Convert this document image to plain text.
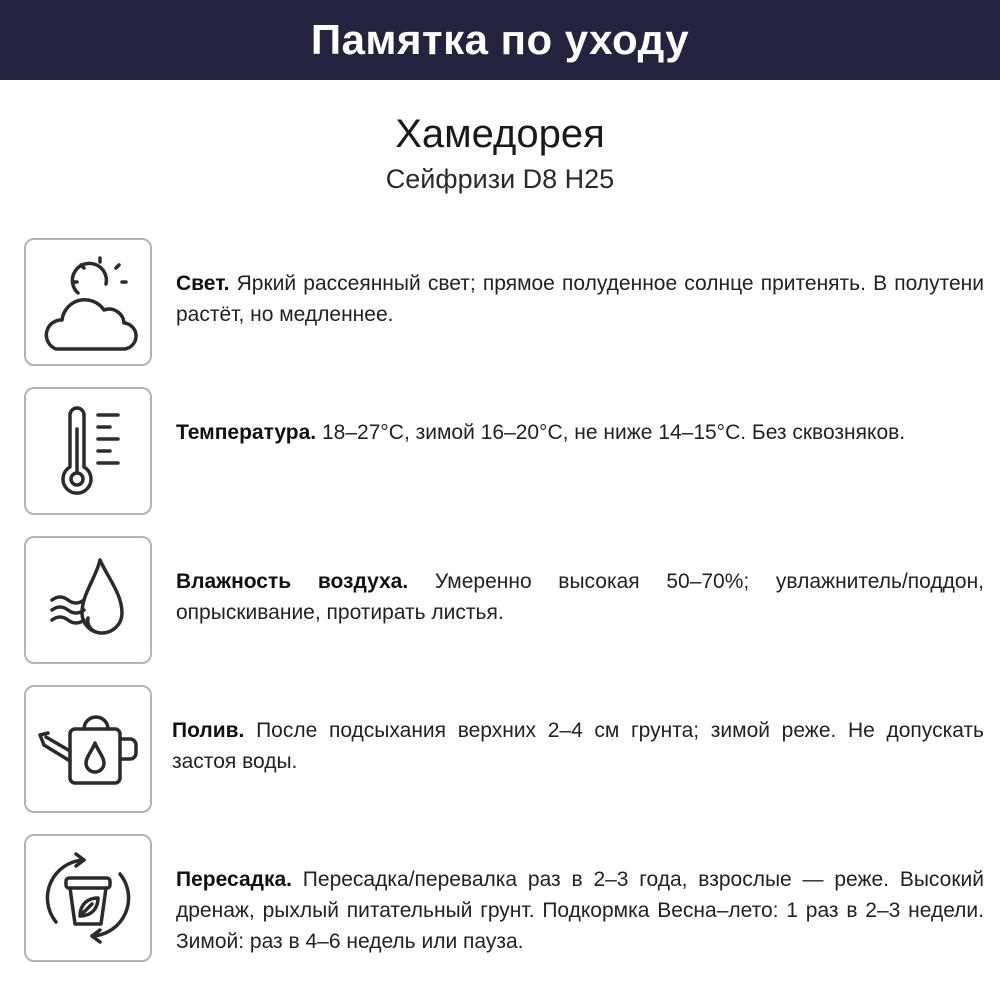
Памятка по уходу
Хамедорея
Сейфризи D8 H25
Свет. Яркий рассеянный свет; прямое полуденное солнце притенять. В полутени растёт, но медленнее.
Температура. 18–27°C, зимой 16–20°C, не ниже 14–15°C. Без сквозняков.
Влажность воздуха. Умеренно высокая 50–70%; увлажнитель/поддон, опрыскивание, протирать листья.
Полив. После подсыхания верхних 2–4 см грунта; зимой реже. Не допускать застоя воды.
Пересадка. Пересадка/перевалка раз в 2–3 года, взрослые — реже. Высокий дренаж, рыхлый питательный грунт. Подкормка Весна–лето: 1 раз в 2–3 недели. Зимой: раз в 4–6 недель или пауза.
